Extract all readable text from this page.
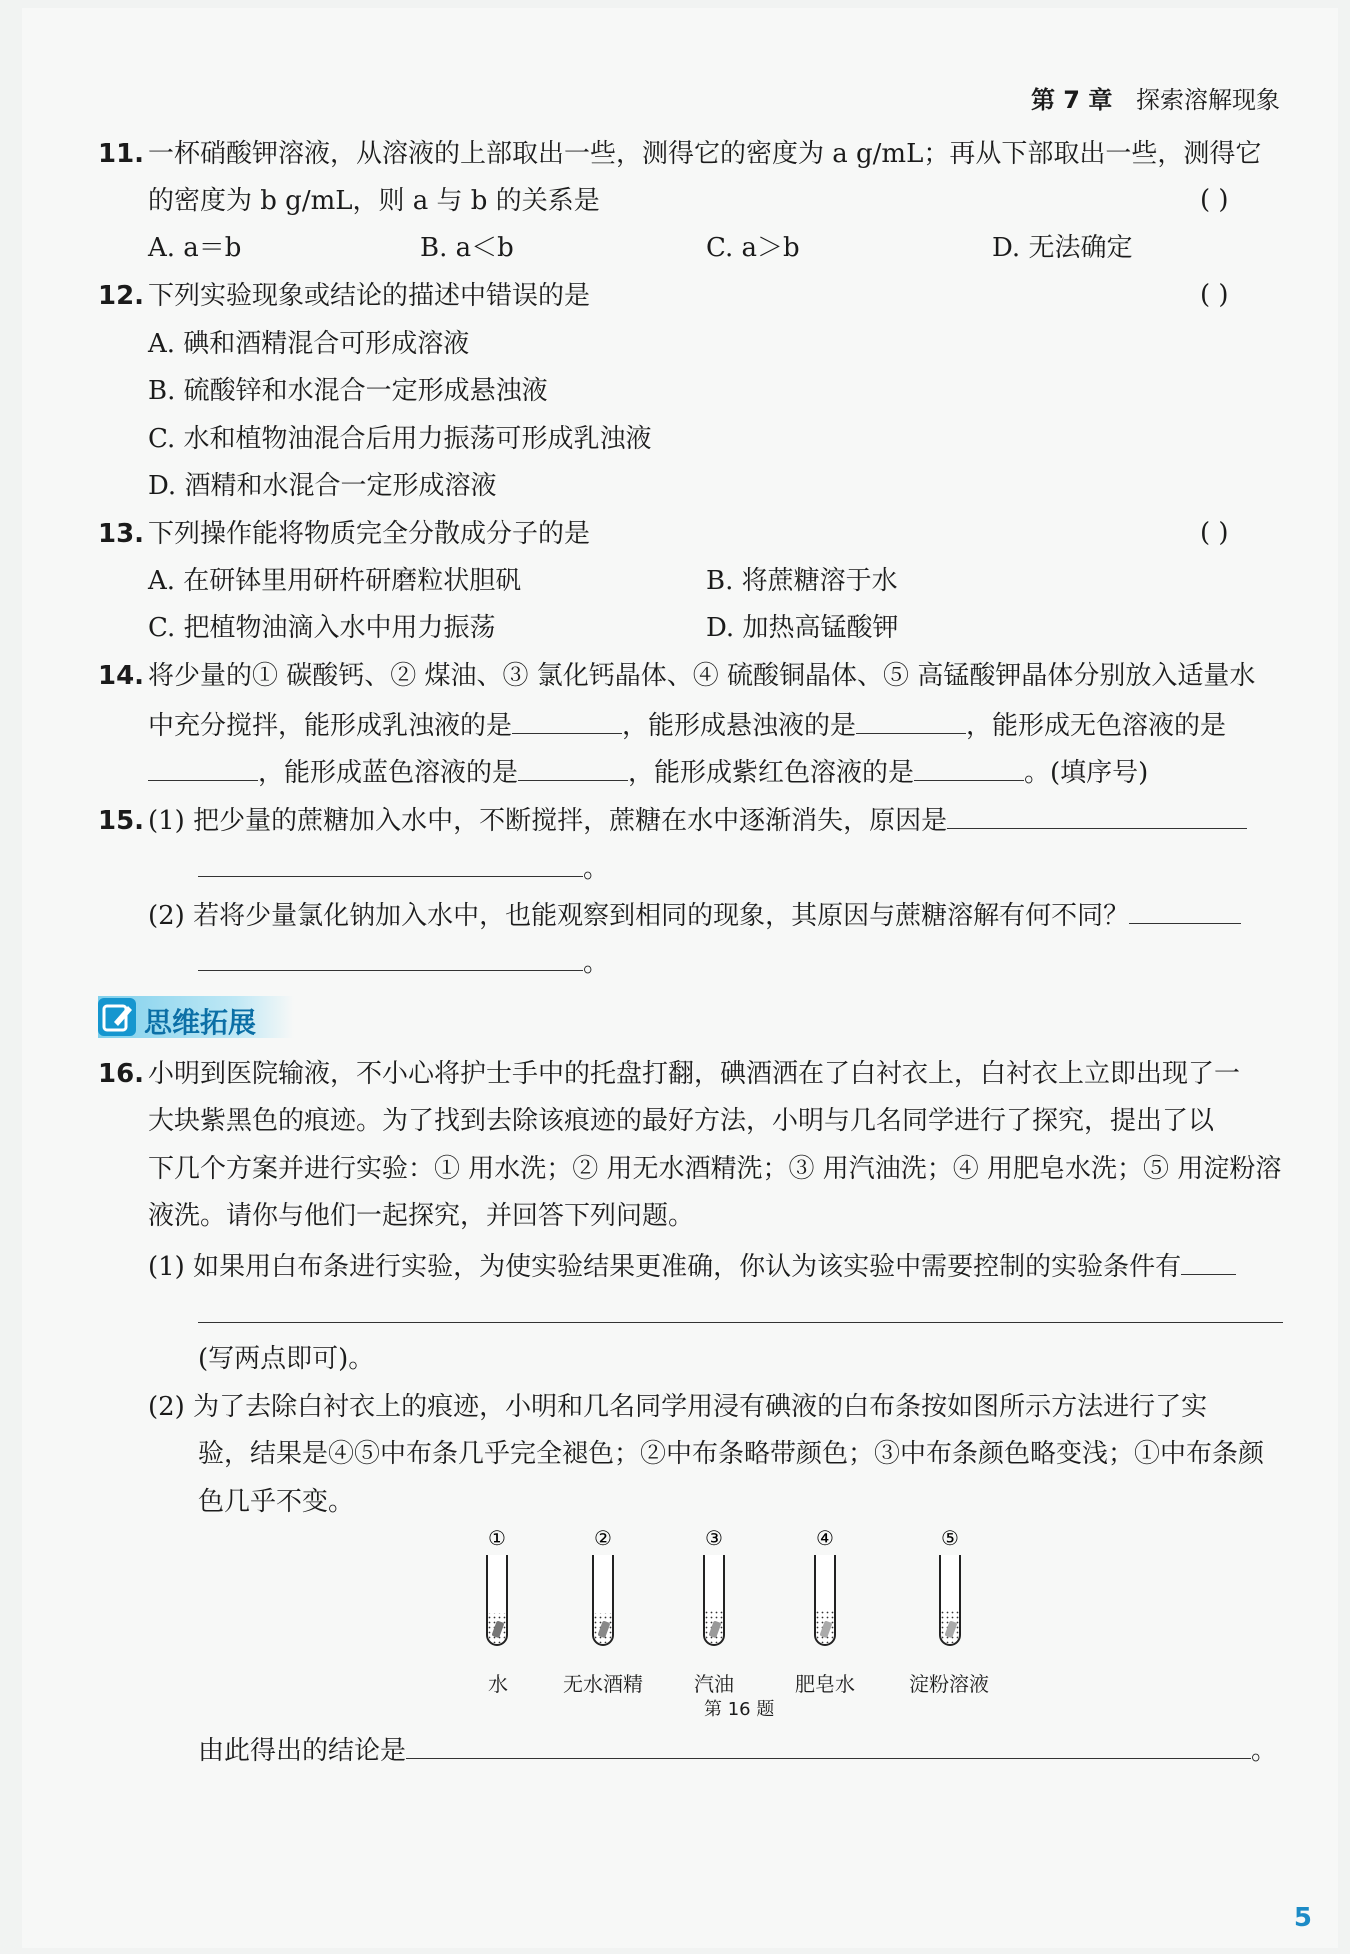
第 7 章 探索溶解现象
11. 一杯硝酸钾溶液，从溶液的上部取出一些，测得它的密度为 a g/mL；再从下部取出一些，测得它
的密度为 b g/mL，则 a 与 b 的关系是	( )
A. a＝b	B. a＜b	C. a＞b	D. 无法确定
12. 下列实验现象或结论的描述中错误的是	( )
A. 碘和酒精混合可形成溶液
B. 硫酸锌和水混合一定形成悬浊液
C. 水和植物油混合后用力振荡可形成乳浊液
D. 酒精和水混合一定形成溶液
13. 下列操作能将物质完全分散成分子的是	( )
A. 在研钵里用研杵研磨粒状胆矾	B. 将蔗糖溶于水
C. 把植物油滴入水中用力振荡	D. 加热高锰酸钾
14. 将少量的① 碳酸钙、② 煤油、③ 氯化钙晶体、④ 硫酸铜晶体、⑤ 高锰酸钾晶体分别放入适量水
中充分搅拌，能形成乳浊液的是	，能形成悬浊液的是	，能形成无色溶液的是
，能形成蓝色溶液的是	，能形成紫红色溶液的是	。(填序号)
15. (1) 把少量的蔗糖加入水中，不断搅拌，蔗糖在水中逐渐消失，原因是
。
(2) 若将少量氯化钠加入水中，也能观察到相同的现象，其原因与蔗糖溶解有何不同？
。
思维拓展
16. 小明到医院输液，不小心将护士手中的托盘打翻，碘酒洒在了白衬衣上，白衬衣上立即出现了一
大块紫黑色的痕迹。为了找到去除该痕迹的最好方法，小明与几名同学进行了探究，提出了以
下几个方案并进行实验：① 用水洗；② 用无水酒精洗；③ 用汽油洗；④ 用肥皂水洗；⑤ 用淀粉溶
液洗。请你与他们一起探究，并回答下列问题。
(1) 如果用白布条进行实验，为使实验结果更准确，你认为该实验中需要控制的实验条件有
(写两点即可)。
(2) 为了去除白衬衣上的痕迹，小明和几名同学用浸有碘液的白布条按如图所示方法进行了实
验，结果是④⑤中布条几乎完全褪色；②中布条略带颜色；③中布条颜色略变浅；①中布条颜
色几乎不变。
①	②	③	④	⑤
水	无水酒精	汽油	肥皂水	淀粉溶液
第 16 题
由此得出的结论是	。
5
